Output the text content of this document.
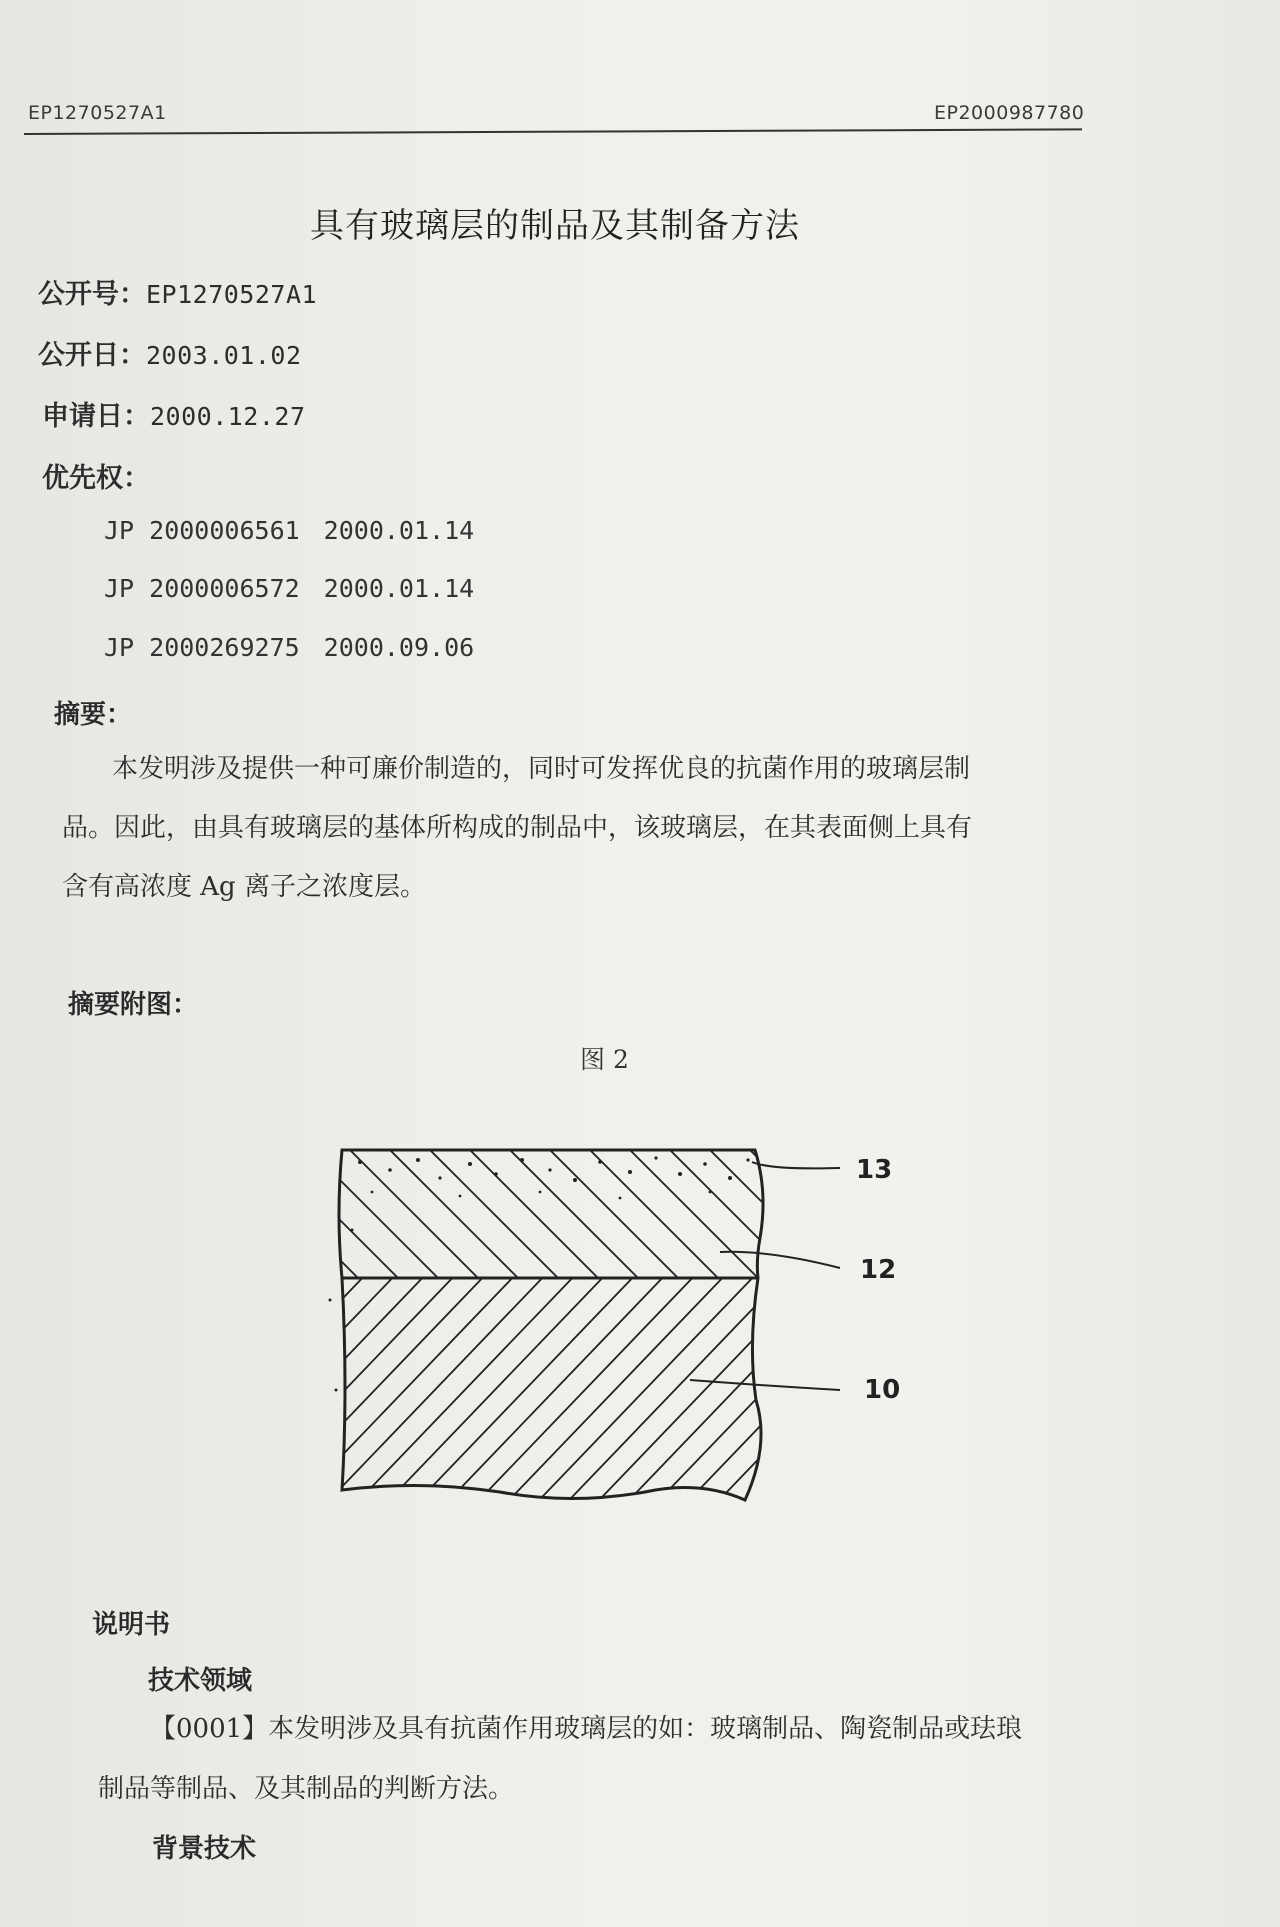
EP1270527A1	EP2000987780
具有玻璃层的制品及其制备方法
公开号：EP1270527A1
公开日：2003.01.02
申请日：2000.12.27
优先权：
JP 2000006561 2000.01.14
JP 2000006572 2000.01.14
JP 2000269275 2000.09.06
摘要：
本发明涉及提供一种可廉价制造的，同时可发挥优良的抗菌作用的玻璃层制
品。因此，由具有玻璃层的基体所构成的制品中，该玻璃层，在其表面侧上具有
含有高浓度 Ag 离子之浓度层。
摘要附图：
图 2
13
12
10
说明书
技术领域
【0001】本发明涉及具有抗菌作用玻璃层的如：玻璃制品、陶瓷制品或珐琅
制品等制品、及其制品的判断方法。
背景技术
